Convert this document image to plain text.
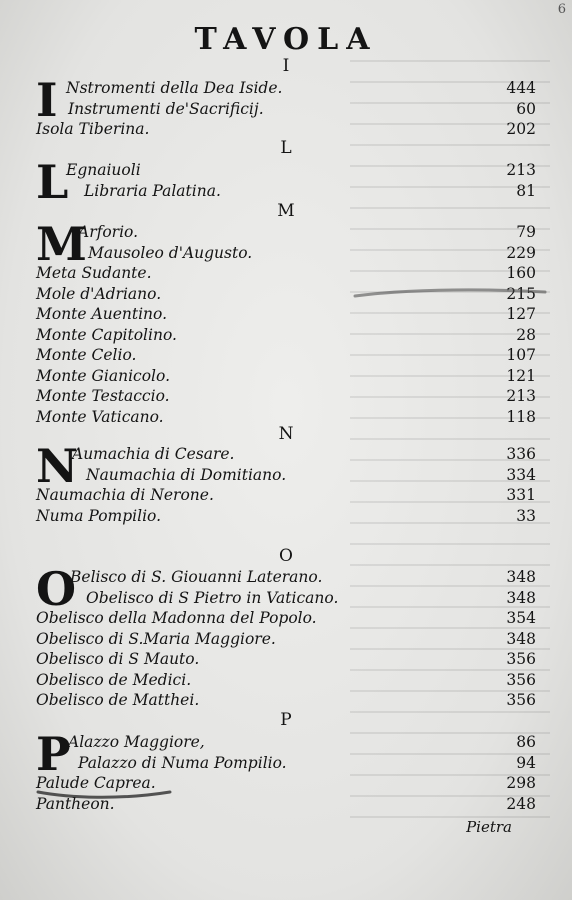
6
TAVOLA
I
I Nstromenti della Dea Iside.	444
Instrumenti de'Sacrificij.	60
Isola Tiberina.	202
L
L
Egnaiuoli	213
Libraria Palatina.	81
M
M
Arforio.	79
Mausoleo d'Augusto.	229
Meta Sudante.	160
Mole d'Adriano.	215
Monte Auentino.	127
Monte Capitolino.	28
Monte Celio.	107
Monte Gianicolo.	121
Monte Testaccio.	213
Monte Vaticano.	118
N
N
Aumachia di Cesare.	336
Naumachia di Domitiano.	334
Naumachia di Nerone.	331
Numa Pompilio.	33
O
O
Belisco di S. Giouanni Laterano.	348
Obelisco di S Pietro in Vaticano.	348
Obelisco della Madonna del Popolo.	354
Obelisco di S.Maria Maggiore.	348
Obelisco di S Mauto.	356
Obelisco de Medici.	356
Obelisco de Matthei.	356
P
P
Alazzo Maggiore,	86
Palazzo di Numa Pompilio.	94
Palude Caprea.	298
Pantheon.	248
Pietra
